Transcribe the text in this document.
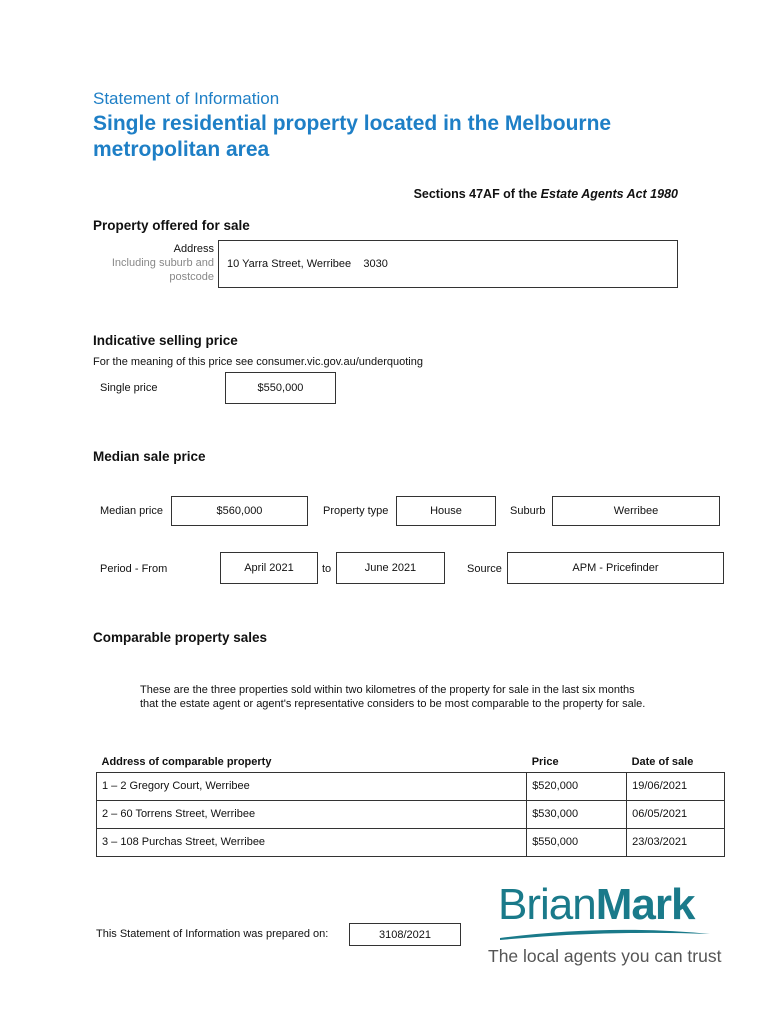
Statement of Information
Single residential property located in the Melbourne metropolitan area
Sections 47AF of the Estate Agents Act 1980
Property offered for sale
Address
Including suburb and
postcode
10 Yarra Street, Werribee    3030
Indicative selling price
For the meaning of this price see consumer.vic.gov.au/underquoting
Single price	$550,000
Median sale price
Median price	$560,000	Property type	House	Suburb	Werribee
Period - From	April 2021	to	June 2021	Source	APM - Pricefinder
Comparable property sales
These are the three properties sold within two kilometres of the property for sale in the last six months
that the estate agent or agent's representative considers to be most comparable to the property for sale.
Address of comparable property	Price	Date of sale
1 – 2 Gregory Court, Werribee	$520,000	19/06/2021
2 – 60 Torrens Street, Werribee	$530,000	06/05/2021
3 – 108 Purchas Street, Werribee	$550,000	23/03/2021
This Statement of Information was prepared on:	3108/2021
BrianMark
The local agents you can trust
